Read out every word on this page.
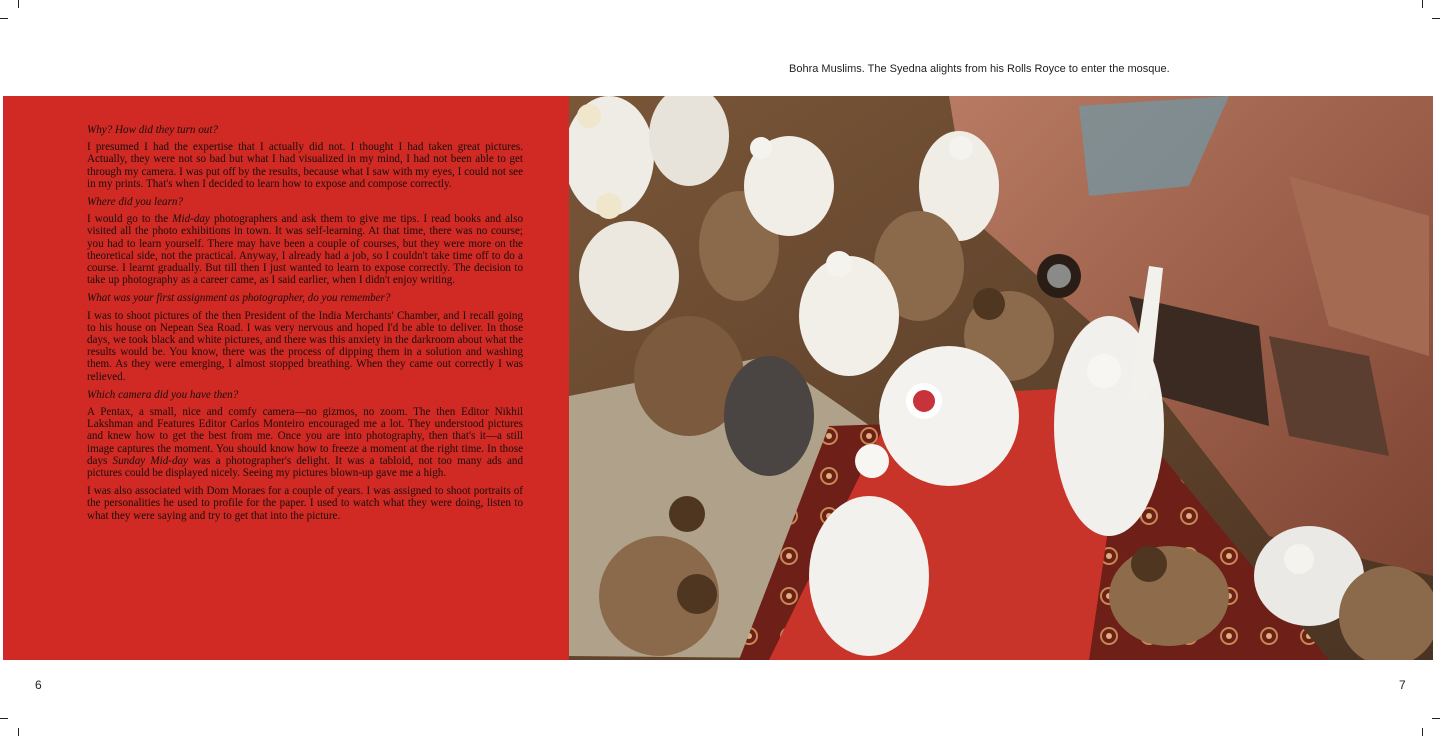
Bohra Muslims. The Syedna alights from his Rolls Royce to enter the mosque.

Why? How did they turn out?

I presumed I had the expertise that I actually did not. I thought I had taken great pictures. Actually, they were not so bad but what I had visualized in my mind, I had not been able to get through my camera. I was put off by the results, because what I saw with my eyes, I could not see in my prints. That's when I decided to learn how to expose and compose correctly.

Where did you learn?

I would go to the Mid-day photographers and ask them to give me tips. I read books and also visited all the photo exhibitions in town. It was self-learning. At that time, there was no course; you had to learn yourself. There may have been a couple of courses, but they were more on the theoretical side, not the practical. Anyway, I already had a job, so I couldn't take time off to do a course. I learnt gradually. But till then I just wanted to learn to expose correctly. The decision to take up photography as a career came, as I said earlier, when I didn't enjoy writing.

What was your first assignment as photographer, do you remember?

I was to shoot pictures of the then President of the India Merchants' Chamber, and I recall going to his house on Nepean Sea Road. I was very nervous and hoped I'd be able to deliver. In those days, we took black and white pictures, and there was this anxiety in the darkroom about what the results would be. You know, there was the process of dipping them in a solution and washing them. As they were emerging, I almost stopped breathing. When they came out correctly I was relieved.

Which camera did you have then?

A Pentax, a small, nice and comfy camera—no gizmos, no zoom. The then Editor Nikhil Lakshman and Features Editor Carlos Monteiro encouraged me a lot. They understood pictures and knew how to get the best from me. Once you are into photography, then that's it—a still image captures the moment. You should know how to freeze a moment at the right time. In those days Sunday Mid-day was a photographer's delight. It was a tabloid, not too many ads and pictures could be displayed nicely. Seeing my pictures blown-up gave me a high.

I was also associated with Dom Moraes for a couple of years. I was assigned to shoot portraits of the personalities he used to profile for the paper. I used to watch what they were doing, listen to what they were saying and try to get that into the picture.

6	7
